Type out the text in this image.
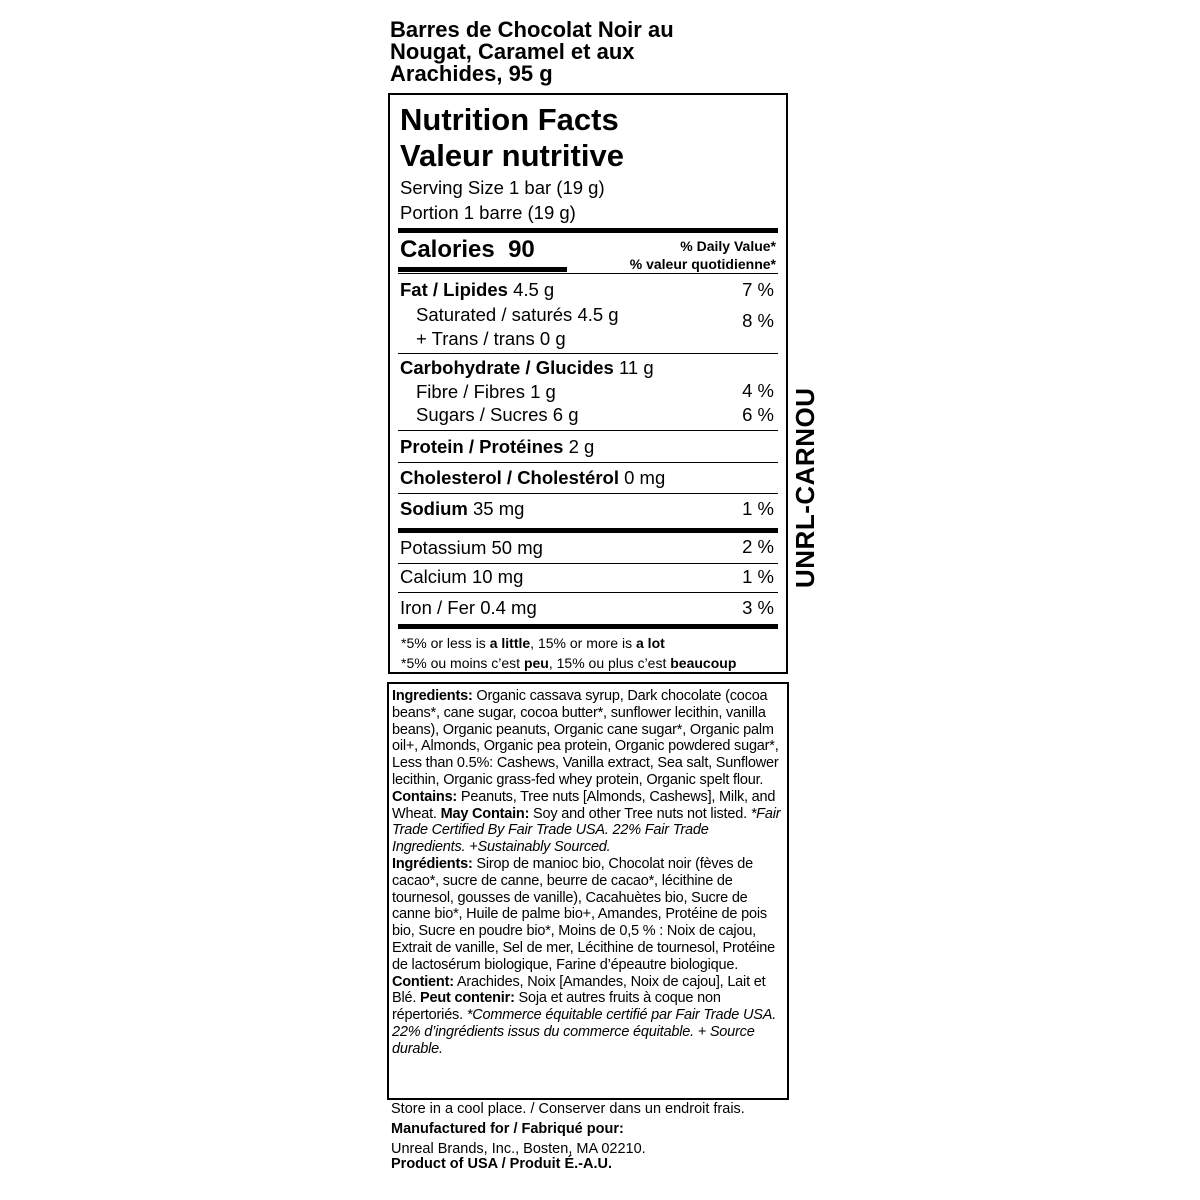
Barres de Chocolat Noir au
Nougat, Caramel et aux
Arachides, 95 g
Nutrition Facts
Valeur nutritive
Serving Size 1 bar (19 g)
Portion 1 barre (19 g)
Calories 90	% Daily Value*
% valeur quotidienne*
Fat / Lipides 4.5 g	7 %
Saturated / saturés 4.5 g	8 %
+ Trans / trans 0 g
Carbohydrate / Glucides 11 g
Fibre / Fibres 1 g	4 %
Sugars / Sucres 6 g	6 %
Protein / Protéines 2 g
Cholesterol / Cholestérol 0 mg
Sodium 35 mg	1 %
Potassium 50 mg	2 %
Calcium 10 mg	1 %
Iron / Fer 0.4 mg	3 %
*5% or less is a little, 15% or more is a lot
*5% ou moins c’est peu, 15% ou plus c’est beaucoup
UNRL-CARNOU

Ingredients: Organic cassava syrup, Dark chocolate (cocoa beans*, cane sugar, cocoa butter*, sunflower lecithin, vanilla beans), Organic peanuts, Organic cane sugar*, Organic palm oil+, Almonds, Organic pea protein, Organic powdered sugar*, Less than 0.5%: Cashews, Vanilla extract, Sea salt, Sunflower lecithin, Organic grass-fed whey protein, Organic spelt flour. Contains: Peanuts, Tree nuts [Almonds, Cashews], Milk, and Wheat. May Contain: Soy and other Tree nuts not listed. *Fair Trade Certified By Fair Trade USA. 22% Fair Trade Ingredients. +Sustainably Sourced.

Ingrédients: Sirop de manioc bio, Chocolat noir (fèves de cacao*, sucre de canne, beurre de cacao*, lécithine de tournesol, gousses de vanille), Cacahuètes bio, Sucre de canne bio*, Huile de palme bio+, Amandes, Protéine de pois bio, Sucre en poudre bio*, Moins de 0,5 % : Noix de cajou, Extrait de vanille, Sel de mer, Lécithine de tournesol, Protéine de lactosérum biologique, Farine d’épeautre biologique. Contient: Arachides, Noix [Amandes, Noix de cajou], Lait et Blé. Peut contenir: Soja et autres fruits à coque non répertoriés. *Commerce équitable certifié par Fair Trade USA. 22% d’ingrédients issus du commerce équitable. + Source durable.

Store in a cool place. / Conserver dans un endroit frais.
Manufactured for / Fabriqué pour:
Unreal Brands, Inc., Bosten, MA 02210.
Product of USA / Produit É.-A.U.
